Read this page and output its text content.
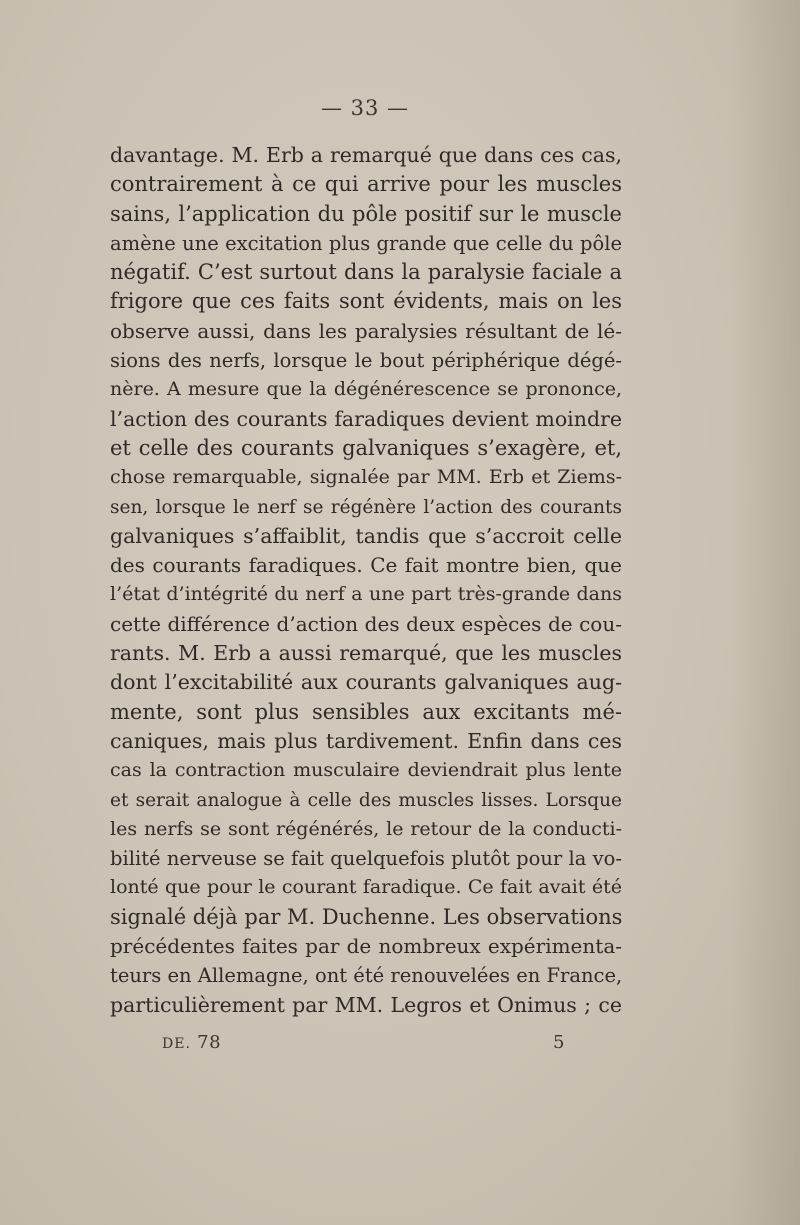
— 33 —
davantage. M. Erb a remarqué que dans ces cas,
contrairement à ce qui arrive pour les muscles
sains, l’application du pôle positif sur le muscle
amène une excitation plus grande que celle du pôle
négatif. C’est surtout dans la paralysie faciale a
frigore que ces faits sont évidents, mais on les
observe aussi, dans les paralysies résultant de lé-
sions des nerfs, lorsque le bout périphérique dégé-
nère. A mesure que la dégénérescence se prononce,
l’action des courants faradiques devient moindre
et celle des courants galvaniques s’exagère, et,
chose remarquable, signalée par MM. Erb et Ziems-
sen, lorsque le nerf se régénère l’action des courants
galvaniques s’affaiblit, tandis que s’accroit celle
des courants faradiques. Ce fait montre bien, que
l’état d’intégrité du nerf a une part très-grande dans
cette différence d’action des deux espèces de cou-
rants. M. Erb a aussi remarqué, que les muscles
dont l’excitabilité aux courants galvaniques aug-
mente, sont plus sensibles aux excitants mé-
caniques, mais plus tardivement. Enfin dans ces
cas la contraction musculaire deviendrait plus lente
et serait analogue à celle des muscles lisses. Lorsque
les nerfs se sont régénérés, le retour de la conducti-
bilité nerveuse se fait quelquefois plutôt pour la vo-
lonté que pour le courant faradique. Ce fait avait été
signalé déjà par M. Duchenne. Les observations
précédentes faites par de nombreux expérimenta-
teurs en Allemagne, ont été renouvelées en France,
particulièrement par MM. Legros et Onimus ; ce
DE. 78	5
